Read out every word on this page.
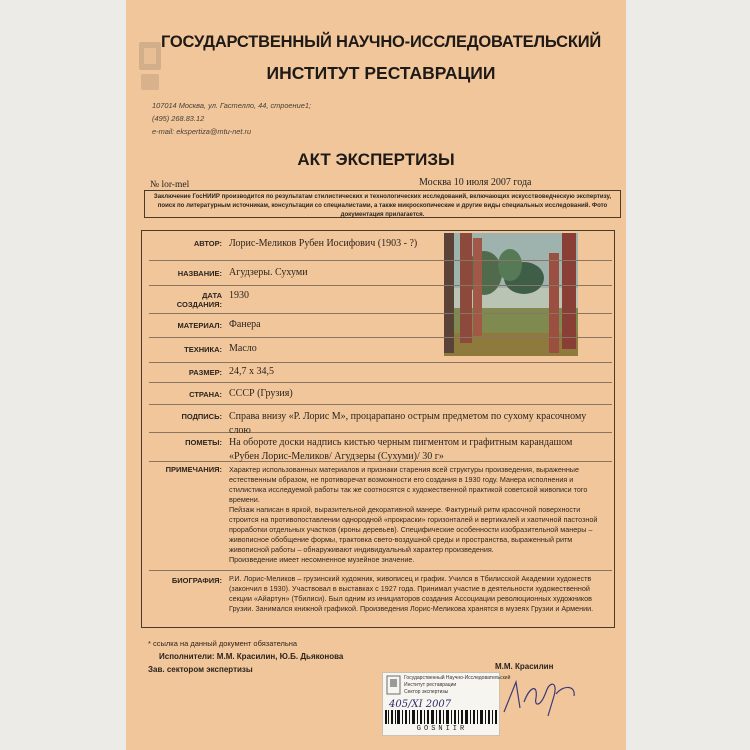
ГОСУДАРСТВЕННЫЙ НАУЧНО-ИССЛЕДОВАТЕЛЬСКИЙ
ИНСТИТУТ РЕСТАВРАЦИИ
107014 Москва, ул. Гастелло, 44, строение1;
(495) 268.83.12
e-mail: ekspertiza@mtu-net.ru
АКТ ЭКСПЕРТИЗЫ
№ lor-mel	Москва 10 июля 2007 года
Заключение ГосНИИР производится по результатам стилистических и технологических исследований, включающих искусствоведческую экспертизу, поиск по литературным источникам, консультации со специалистами, а также микроскопические и другие виды специальных исследований. Фото документация прилагается.
АВТОР:
НАЗВАНИЕ:
ДАТА
СОЗДАНИЯ:
МАТЕРИАЛ:
ТЕХНИКА:
РАЗМЕР:
СТРАНА:
ПОДПИСЬ:
ПОМЕТЫ:
ПРИМЕЧАНИЯ:
БИОГРАФИЯ:
Лорис-Меликов Рубен Иосифович (1903 - ?)
Агудзеры. Сухуми
1930
Фанера
Масло
24,7 х 34,5
СССР (Грузия)
Справа внизу «Р. Лорис М», процарапано острым предметом по сухому красочному слою
На обороте доски надпись кистью черным пигментом и графитным карандашом «Рубен Лорис-Меликов/ Агудзеры (Сухуми)/ 30 г»

Характер использованных материалов и признаки старения всей структуры произведения, выраженные естественным образом, не противоречат возможности его создания в 1930 году. Манера исполнения и стилистика исследуемой работы так же соотносятся с художественной практикой советской живописи того времени.

Пейзаж написан в яркой, выразительной декоративной манере. Фактурный ритм красочной поверхности строится на противопоставлении однородной «прокраски» горизонталей и вертикалей и хаотичной пастозной проработки отдельных участков (кроны деревьев). Специфические особенности изобразительной манеры – живописное обобщение формы, трактовка свето-воздушной среды и пространства, выраженный ритм живописной работы – обнаруживают индивидуальный характер произведения.

Произведение имеет несомненное музейное значение.

Р.И. Лорис-Меликов – грузинский художник, живописец и график. Учился в Тбилисской Академии художеств (закончил в 1930). Участвовал в выставках с 1927 года. Принимал участие в деятельности художественной секции «Айартун» (Тбилиси). Был одним из инициаторов создания Ассоциации революционных художников Грузии. Занимался книжной графикой. Произведения Лорис-Меликова хранятся в музеях Грузии и Армении.
* ссылка на данный документ обязательна
Исполнители: М.М. Красилин, Ю.Б. Дьяконова
Зав. сектором экспертизы	М.М. Красилин
Государственный Научно-Исследовательский
Институт реставрации
Сектор экспертизы
405/ХI 2007
GOSNIIR
